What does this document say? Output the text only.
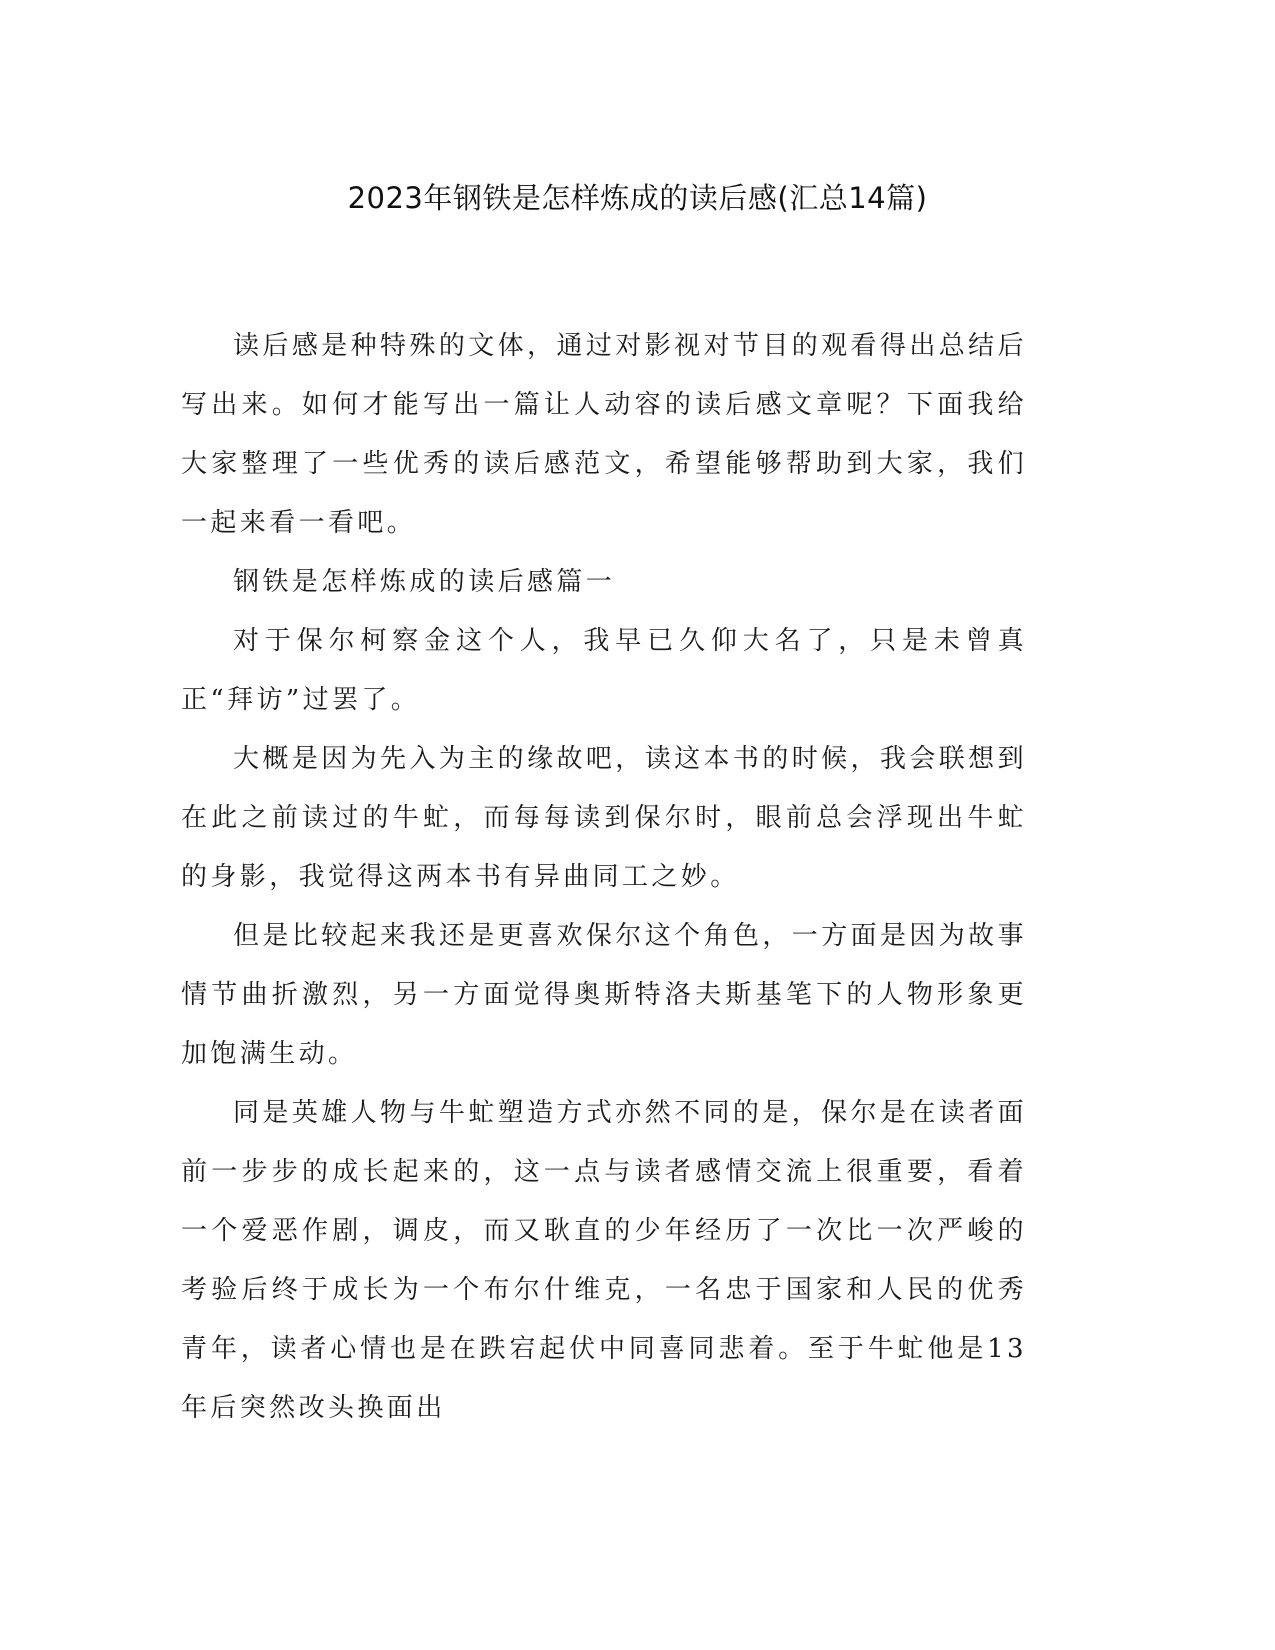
2023年钢铁是怎样炼成的读后感(汇总14篇)

读后感是种特殊的文体，通过对影视对节目的观看得出总结后写出来。如何才能写出一篇让人动容的读后感文章呢？下面我给大家整理了一些优秀的读后感范文，希望能够帮助到大家，我们一起来看一看吧。

钢铁是怎样炼成的读后感篇一

对于保尔柯察金这个人，我早已久仰大名了，只是未曾真正“拜访”过罢了。

大概是因为先入为主的缘故吧，读这本书的时候，我会联想到在此之前读过的牛虻，而每每读到保尔时，眼前总会浮现出牛虻的身影，我觉得这两本书有异曲同工之妙。

但是比较起来我还是更喜欢保尔这个角色，一方面是因为故事情节曲折激烈，另一方面觉得奥斯特洛夫斯基笔下的人物形象更加饱满生动。

同是英雄人物与牛虻塑造方式亦然不同的是，保尔是在读者面前一步步的成长起来的，这一点与读者感情交流上很重要，看着一个爱恶作剧，调皮，而又耿直的少年经历了一次比一次严峻的考验后终于成长为一个布尔什维克，一名忠于国家和人民的优秀青年，读者心情也是在跌宕起伏中同喜同悲着。至于牛虻他是13年后突然改头换面出
